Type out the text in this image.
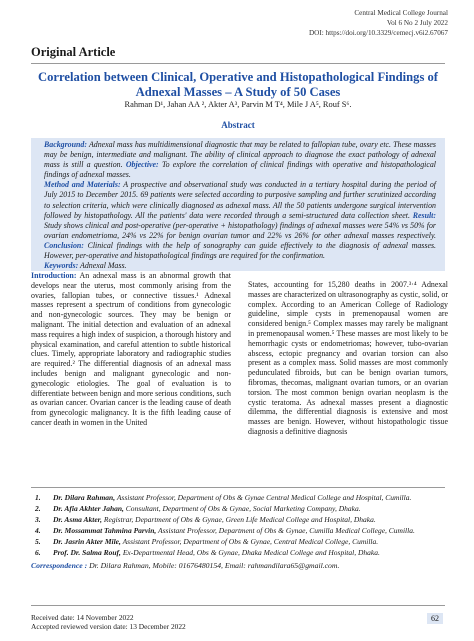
Central Medical College Journal
Vol 6 No 2 July 2022
DOI: https://doi.org/10.3329/cemecj.v6i2.67067
Original Article
Correlation between Clinical, Operative and Histopathological Findings of Adnexal Masses – A Study of 50 Cases
Rahman D¹, Jahan AA ², Akter A³, Parvin M T⁴, Mile J A⁵, Rouf S⁶.
Abstract
Background: Adnexal mass has multidimensional diagnostic that may be related to fallopian tube, ovary etc. These masses may be benign, intermediate and malignant. The ability of clinical approach to diagnose the exact pathology of adnexal mass is still a question. Objective: To explore the correlation of clinical findings with operative and histopathological findings of adnexal masses.
Method and Materials: A prospective and observational study was conducted in a tertiary hospital during the period of July 2015 to December 2015. 69 patients were selected according to purposive sampling and further scrutinized according to selection criteria, which were clinically diagnosed as adnexal mass. All the 50 patients undergone surgical intervention followed by histopathology. All the patients' data were recorded through a semi-structured data collection sheet. Result: Study shows clinical and post-operative (per-operative + histopathology) findings of adnexal masses were 54% vs 50% for ovarian endometrioma, 24% vs 22% for benign ovarian tumor and 22% vs 26% for other adnexal masses respectively. Conclusion: Clinical findings with the help of sonography can guide effectively to the diagnosis of adnexal masses. However, per-operative and histopathological findings are required for the confirmation.
Keywords: Adnexal Mass.
Introduction: An adnexal mass is an abnormal growth that develops near the uterus, most commonly arising from the ovaries, fallopian tubes, or connective tissues.¹ Adnexal masses represent a spectrum of conditions from gynecologic and non-gynecologic sources. They may be benign or malignant. The initial detection and evaluation of an adnexal mass requires a high index of suspicion, a thorough history and physical examination, and careful attention to subtle historical clues. Timely, appropriate laboratory and radiographic studies are required.² The differential diagnosis of an adnexal mass includes benign and malignant gynecologic and non-gynecologic etiologies. The goal of evaluation is to differentiate between benign and more serious conditions, such as ovarian cancer. Ovarian cancer is the leading cause of death from gynecologic malignancy. It is the fifth leading cause of cancer death in women in the United
States, accounting for 15,280 deaths in 2007.³·⁴ Adnexal masses are characterized on ultrasonography as cystic, solid, or complex. According to an American College of Radiology guideline, simple cysts in premenopausal women are considered benign.⁵ Complex masses may rarely be malignant in premenopausal women.⁵ These masses are most likely to be hemorrhagic cysts or endometriomas; however, tubo-ovarian abscess, ectopic pregnancy and ovarian torsion can also present as a complex mass. Solid masses are most commonly pedunculated fibroids, but can be benign ovarian tumors, fibromas, thecomas, malignant ovarian tumors, or an ovarian torsion. The most common benign ovarian neoplasm is the cystic teratoma. As adnexal masses present a diagnostic dilemma, the differential diagnosis is extensive and most masses are benign. However, without histopathologic tissue diagnosis a definitive diagnosis
1.	Dr. Dilara Rahman, Assistant Professor, Department of Obs & Gynae Central Medical College and Hospital, Cumilla.
2.	Dr. Afia Akhter Jahan, Consultant, Department of Obs & Gynae, Social Marketing Company, Dhaka.
3.	Dr. Asma Akter, Registrar, Department of Obs & Gynae, Green Life Medical College and Hospital, Dhaka.
4.	Dr. Mossammat Tahmina Parvin, Assistant Professor, Department of Obs & Gynae, Cumilla Medical College, Cumilla.
5.	Dr. Jasrin Akter Mile, Assistant Professor, Department of Obs & Gynae, Central Medical College, Cumilla.
6.	Prof. Dr. Salma Rouf, Ex-Departmental Head, Obs & Gynae, Dhaka Medical College and Hospital, Dhaka.
Correspondence : Dr. Dilara Rahman, Mobile: 01676480154, Email: rahmandilara65@gmail.com.
Received date: 14 November 2022
Accepted reviewed version date: 13 December 2022
62
